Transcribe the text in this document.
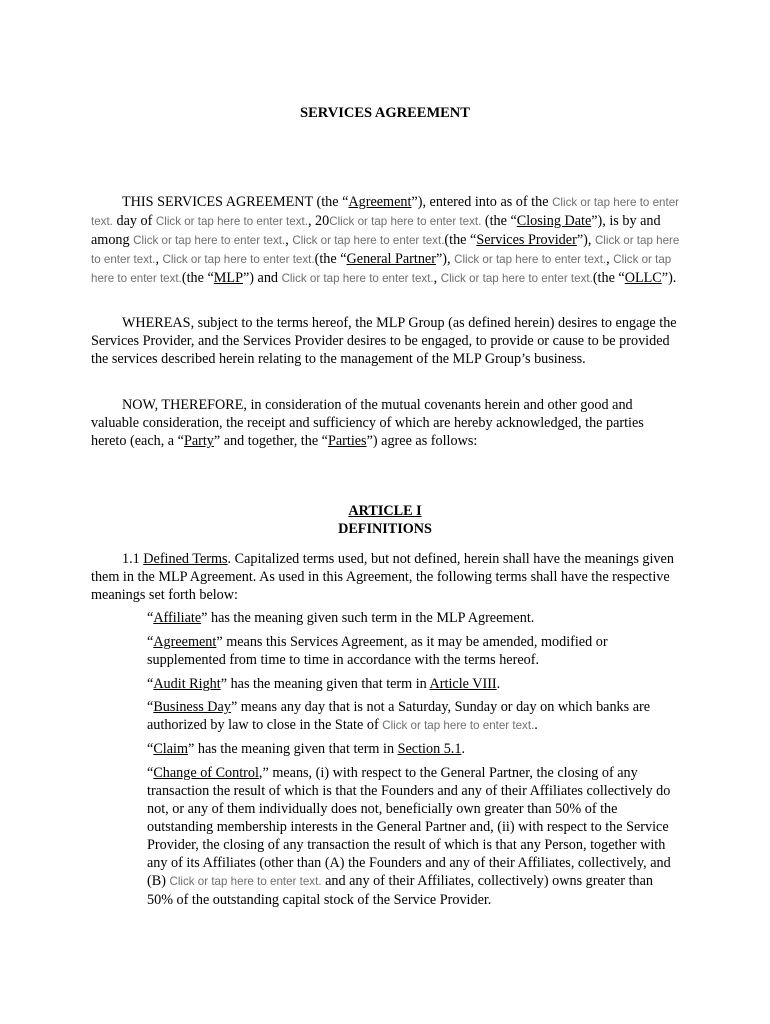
SERVICES AGREEMENT
THIS SERVICES AGREEMENT (the “Agreement”), entered into as of the Click or tap here to enter text. day of Click or tap here to enter text., 20Click or tap here to enter text. (the “Closing Date”), is by and among Click or tap here to enter text., Click or tap here to enter text.(the “Services Provider”), Click or tap here to enter text., Click or tap here to enter text.(the “General Partner”), Click or tap here to enter text., Click or tap here to enter text.(the “MLP”) and Click or tap here to enter text., Click or tap here to enter text.(the “OLLC”).
WHEREAS, subject to the terms hereof, the MLP Group (as defined herein) desires to engage the Services Provider, and the Services Provider desires to be engaged, to provide or cause to be provided the services described herein relating to the management of the MLP Group’s business.
NOW, THEREFORE, in consideration of the mutual covenants herein and other good and valuable consideration, the receipt and sufficiency of which are hereby acknowledged, the parties hereto (each, a “Party” and together, the “Parties”) agree as follows:
ARTICLE I
DEFINITIONS
1.1 Defined Terms. Capitalized terms used, but not defined, herein shall have the meanings given them in the MLP Agreement. As used in this Agreement, the following terms shall have the respective meanings set forth below:
“Affiliate” has the meaning given such term in the MLP Agreement.
“Agreement” means this Services Agreement, as it may be amended, modified or supplemented from time to time in accordance with the terms hereof.
“Audit Right” has the meaning given that term in Article VIII.
“Business Day” means any day that is not a Saturday, Sunday or day on which banks are authorized by law to close in the State of Click or tap here to enter text..
“Claim” has the meaning given that term in Section 5.1.
“Change of Control,” means, (i) with respect to the General Partner, the closing of any transaction the result of which is that the Founders and any of their Affiliates collectively do not, or any of them individually does not, beneficially own greater than 50% of the outstanding membership interests in the General Partner and, (ii) with respect to the Service Provider, the closing of any transaction the result of which is that any Person, together with any of its Affiliates (other than (A) the Founders and any of their Affiliates, collectively, and (B) Click or tap here to enter text. and any of their Affiliates, collectively) owns greater than 50% of the outstanding capital stock of the Service Provider.
